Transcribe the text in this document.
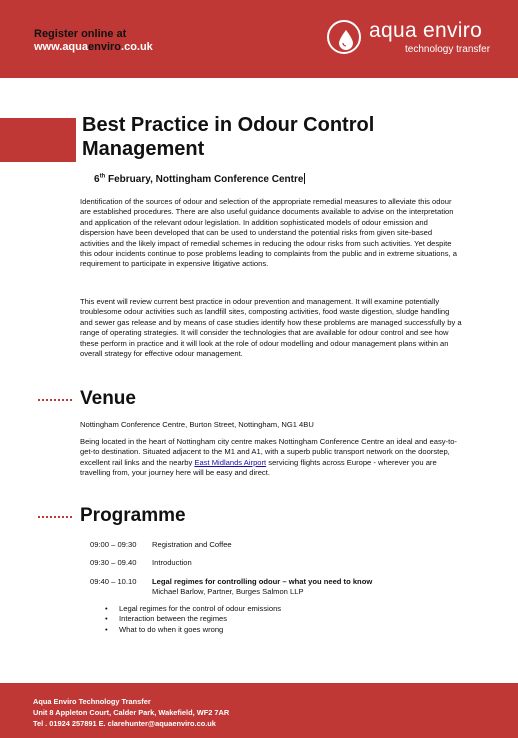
Register online at
www.aquaenviro.co.uk
aqua enviro
technology transfer
Best Practice in Odour Control
Management
6th February, Nottingham Conference Centre

Identification of the sources of odour and selection of the appropriate remedial measures to alleviate this odour are established procedures. There are also useful guidance documents available to advise on the interpretation and application of the relevant odour legislation. In addition sophisticated models of odour emission and dispersion have been developed that can be used to understand the potential risks from given site-based activities and the likely impact of remedial schemes in reducing the odour risks from such activities. Yet despite this odour incidents continue to pose problems leading to complaints from the public and in extreme situations, a requirement to participate in expensive litigative actions.

This event will review current best practice in odour prevention and management. It will examine potentially troublesome odour activities such as landfill sites, composting activities, food waste digestion, sludge handling and sewer gas release and by means of case studies identify how these problems are managed successfully by a range of operating strategies. It will consider the technologies that are available for odour control and see how these perform in practice and it will look at the role of odour modelling and odour management plans within an overall strategy for effective odour management.

Venue
Nottingham Conference Centre, Burton Street, Nottingham, NG1 4BU

Being located in the heart of Nottingham city centre makes Nottingham Conference Centre an ideal and easy-to-get-to destination. Situated adjacent to the M1 and A1, with a superb public transport network on the doorstep, excellent rail links and the nearby East Midlands Airport servicing flights across Europe - wherever you are travelling from, your journey here will be easy and direct.

Programme
09:00 – 09:30	Registration and Coffee
09:30 – 09.40	Introduction
09:40 – 10.10	Legal regimes for controlling odour – what you need to know
Michael Barlow, Partner, Burges Salmon LLP
• Legal regimes for the control of odour emissions
• Interaction between the regimes
• What to do when it goes wrong
Aqua Enviro Technology Transfer
Unit 8 Appleton Court, Calder Park, Wakefield, WF2 7AR
Tel . 01924 257891 E. clarehunter@aquaenviro.co.uk
